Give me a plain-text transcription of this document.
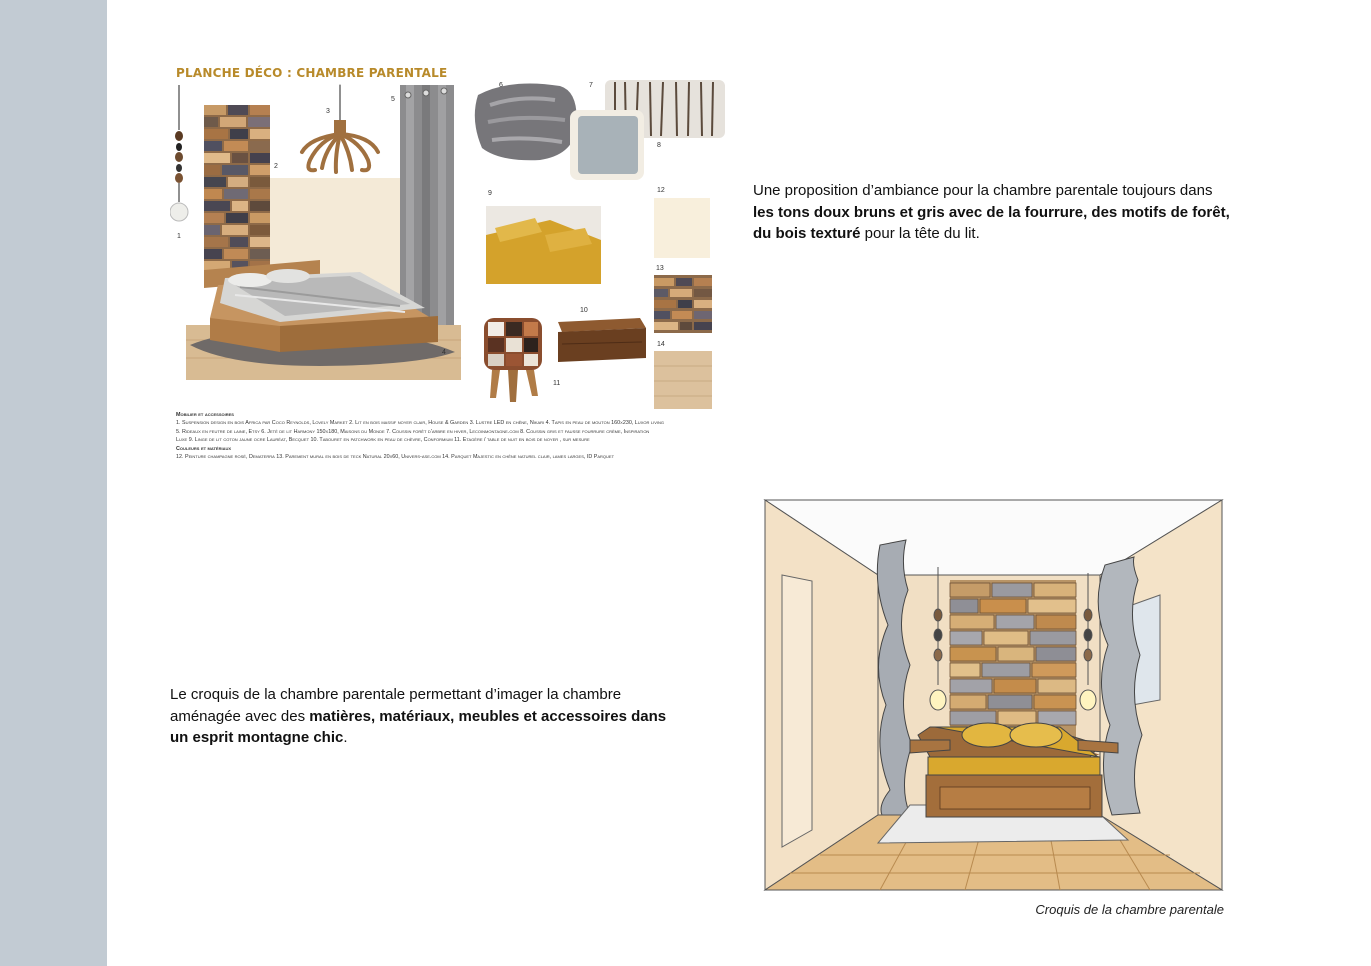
PLANCHE DÉCO : CHAMBRE PARENTALE
1
2
3
4
5
6	7
8
9
10
11
12
13
14
Mobilier et accessoires
1. Suspension design en bois Africa par Coco Reynolds, Lovely Market 2. Lit en bois massif noyer clair, House & Garden 3. Lustre LED en chêne, Nikari 4. Tapis en peau de mouton 160x230, Luxor living
5. Rideaux en feutre de laine, Etsy 6. Jeté de lit Harmony 150x180, Maisons du Monde 7. Coussin forêt d'arbre en hiver, Lecoinmontagne.com 8. Coussin gris et fausse fourrure crème, Inspiration
Luxe 9. Linge de lit coton jaune ocre Lauréat, Becquet 10. Tabouret en patchwork en peau de chèvre, Conformium 11. Etagère / table de nuit en bois de noyer , sur mesure
Couleurs et matériaux
12. Peinture champagne rosé, Dematerra 13. Parement mural en bois de teck Natural 20x60, Univers-ase.com 14. Parquet Majestic en chêne naturel clair, lames larges, ID Parquet
Une proposition d’ambiance pour la chambre parentale toujours dans les tons doux bruns et gris avec de la fourrure, des motifs de forêt, du bois texturé pour la tête du lit.
Le croquis de la chambre parentale permettant d’imager la chambre aménagée avec des matières, matériaux, meubles et accessoires dans un esprit montagne chic.
Croquis de la chambre parentale
